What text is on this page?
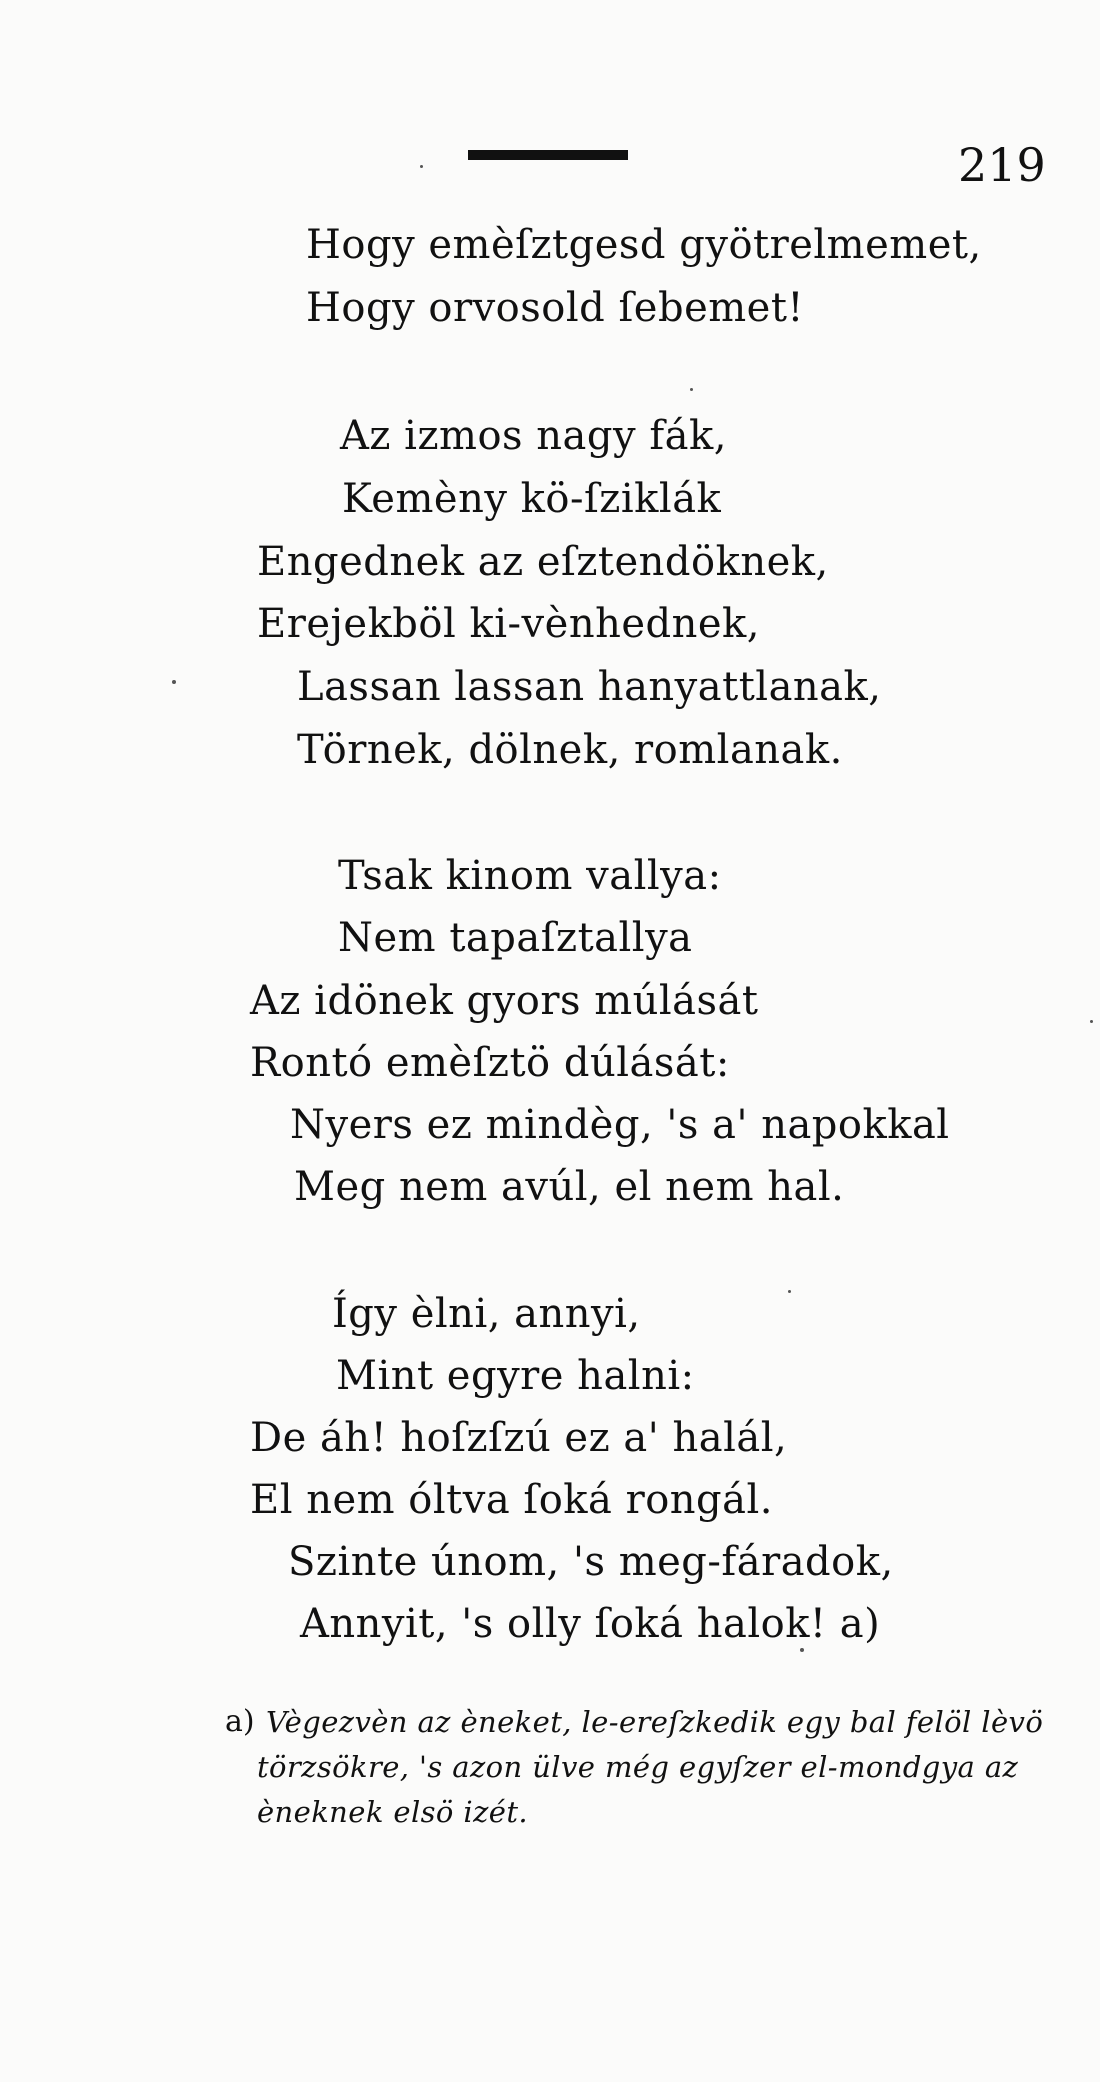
219
Hogy emèſztgesd gyötrelmemet,
Hogy orvosold ſebemet!
Az izmos nagy fák,
Kemèny kö-ſziklák
Engednek az eſztendöknek,
Erejekböl ki-vènhednek,
Lassan lassan hanyattlanak,
Törnek, dölnek, romlanak.
Tsak kinom vallya:
Nem tapaſztallya
Az idönek gyors múlását
Rontó emèſztö dúlását:
Nyers ez mindèg, 's a' napokkal
Meg nem avúl, el nem hal.
Így èlni, annyi,
Mint egyre halni:
De áh! hoſzſzú ez a' halál,
El nem óltva ſoká rongál.
Szinte únom, 's meg-fáradok,
Annyit, 's olly ſoká halok! a)
a) Vègezvèn az èneket, le-ereſzkedik egy bal felöl lèvö
törzsökre, 's azon ülve még egyſzer el-mondgya az
èneknek elsö izét.
